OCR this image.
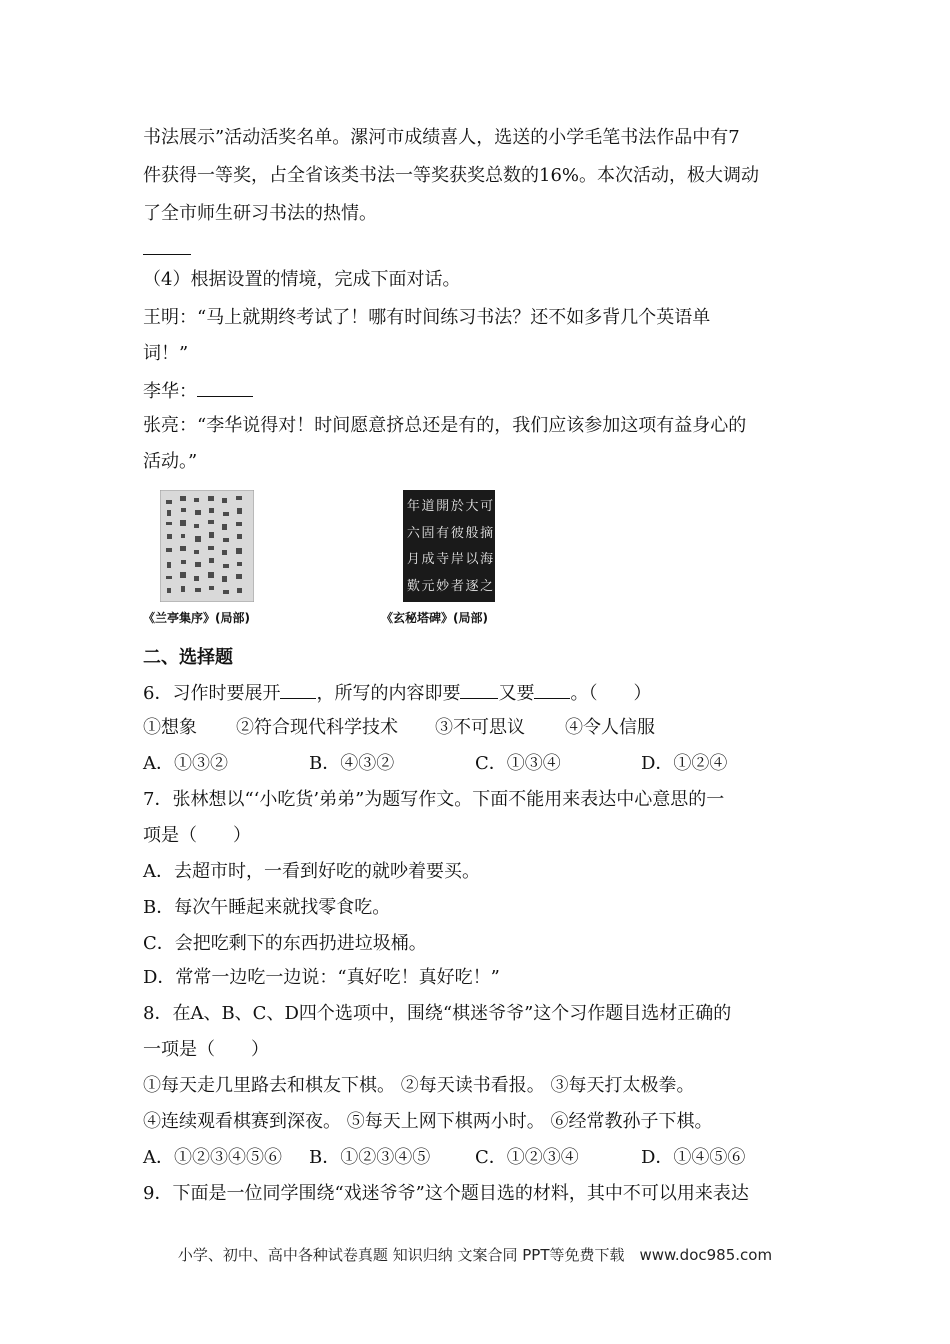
书法展示”活动活奖名单。漯河市成绩喜人，选送的小学毛笔书法作品中有7
件获得一等奖，占全省该类书法一等奖获奖总数的16%。本次活动，极大调动
了全市师生研习书法的热情。
（4）根据设置的情境，完成下面对话。
王明：“马上就期终考试了！哪有时间练习书法？还不如多背几个英语单
词！”
李华：
张亮：“李华说得对！时间愿意挤总还是有的，我们应该参加这项有益身心的
活动。”
《兰亭集序》(局部)
年 道 開 於 大 可
六 固 有 彼 般 摘
月 成 寺 岸 以 海
歎 元 妙 者 逐 之
《玄秘塔碑》(局部)
二、选择题
6．习作时要展开 ，所写的内容即要 又要 。（　　）
①想象 ②符合现代科学技术 ③不可思议 ④令人信服
A．①③②	B．④③②	C．①③④	D．①②④
7．张林想以“‘小吃货’弟弟”为题写作文。下面不能用来表达中心意思的一
项是（　　）
A．去超市时，一看到好吃的就吵着要买。
B．每次午睡起来就找零食吃。
C．会把吃剩下的东西扔进垃圾桶。
D．常常一边吃一边说：“真好吃！真好吃！”
8．在A、B、C、D四个选项中，围绕“棋迷爷爷”这个习作题目选材正确的
一项是（　　）
①每天走几里路去和棋友下棋。 ②每天读书看报。 ③每天打太极拳。
④连续观看棋赛到深夜。 ⑤每天上网下棋两小时。 ⑥经常教孙子下棋。
A．①②③④⑤⑥ B．①②③④⑤ C．①②③④	D．①④⑤⑥
9．下面是一位同学围绕“戏迷爷爷”这个题目选的材料，其中不可以用来表达
小学、初中、高中各种试卷真题 知识归纳 文案合同 PPT等免费下载　www.doc985.com
